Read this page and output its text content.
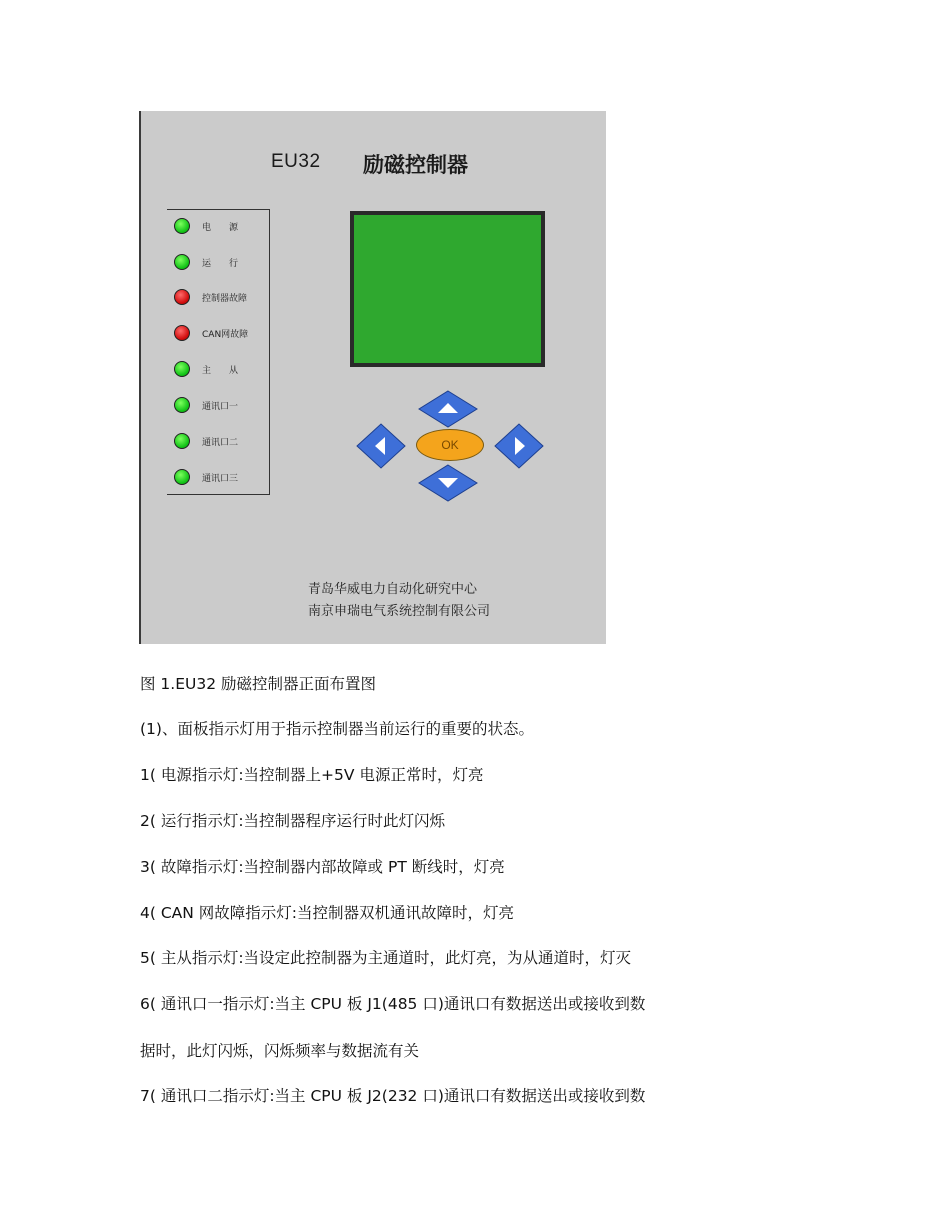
EU32 励磁控制器
电　　源
运　　行
控制器故障
CAN网故障
主　　从
通讯口一
通讯口二
通讯口三
OK
青岛华威电力自动化研究中心
南京申瑞电气系统控制有限公司
图 1.EU32 励磁控制器正面布置图
(1)、面板指示灯用于指示控制器当前运行的重要的状态。
1( 电源指示灯:当控制器上+5V 电源正常时，灯亮
2( 运行指示灯:当控制器程序运行时此灯闪烁
3( 故障指示灯:当控制器内部故障或 PT 断线时，灯亮
4( CAN 网故障指示灯:当控制器双机通讯故障时，灯亮
5( 主从指示灯:当设定此控制器为主通道时，此灯亮，为从通道时，灯灭
6( 通讯口一指示灯:当主 CPU 板 J1(485 口)通讯口有数据送出或接收到数
据时，此灯闪烁，闪烁频率与数据流有关
7( 通讯口二指示灯:当主 CPU 板 J2(232 口)通讯口有数据送出或接收到数
